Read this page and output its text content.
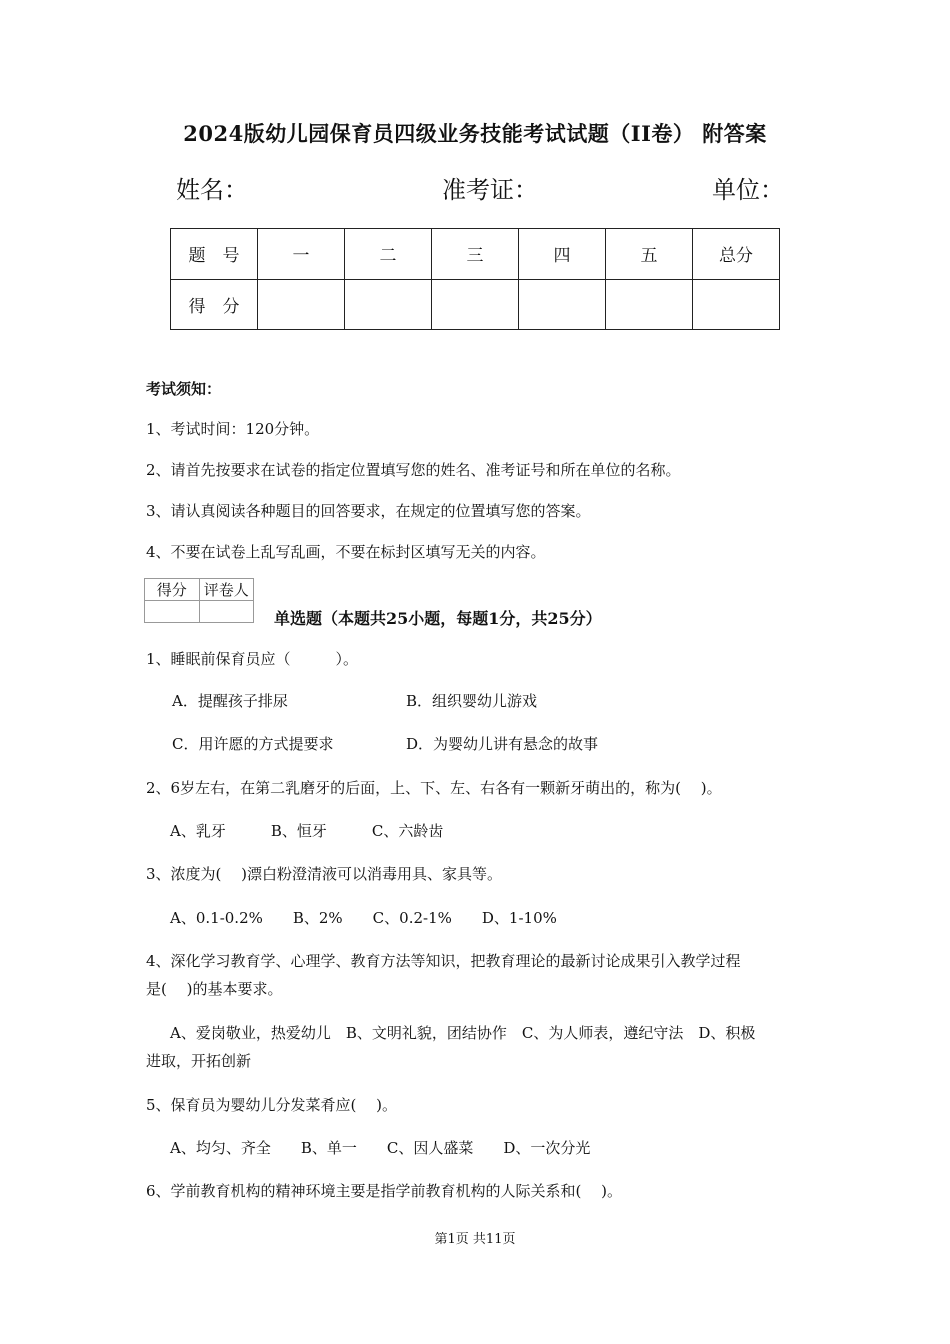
2024版幼儿园保育员四级业务技能考试试题（II卷） 附答案
姓名：	准考证：	单位：
题　号	一	二	三	四	五	总分
得　分						
考试须知：
1、考试时间：120分钟。
2、请首先按要求在试卷的指定位置填写您的姓名、准考证号和所在单位的名称。
3、请认真阅读各种题目的回答要求，在规定的位置填写您的答案。
4、不要在试卷上乱写乱画，不要在标封区填写无关的内容。
得分	评卷人

单选题（本题共25小题，每题1分，共25分）
1、睡眠前保育员应（　　　）。
A．提醒孩子排尿	B．组织婴幼儿游戏
C．用许愿的方式提要求	D．为婴幼儿讲有悬念的故事
2、6岁左右，在第二乳磨牙的后面，上、下、左、右各有一颗新牙萌出的，称为(　 )。
A、乳牙　　　B、恒牙　　　C、六龄齿
3、浓度为(　 )漂白粉澄清液可以消毒用具、家具等。
A、0.1-0.2%　　B、2%　　C、0.2-1%　　D、1-10%
4、深化学习教育学、心理学、教育方法等知识，把教育理论的最新讨论成果引入教学过程
是(　 )的基本要求。
A、爱岗敬业，热爱幼儿　B、文明礼貌，团结协作　C、为人师表，遵纪守法　D、积极
进取，开拓创新
5、保育员为婴幼儿分发菜肴应(　 )。
A、均匀、齐全　　B、单一　　C、因人盛菜　　D、一次分光
6、学前教育机构的精神环境主要是指学前教育机构的人际关系和(　 )。
第1页 共11页
